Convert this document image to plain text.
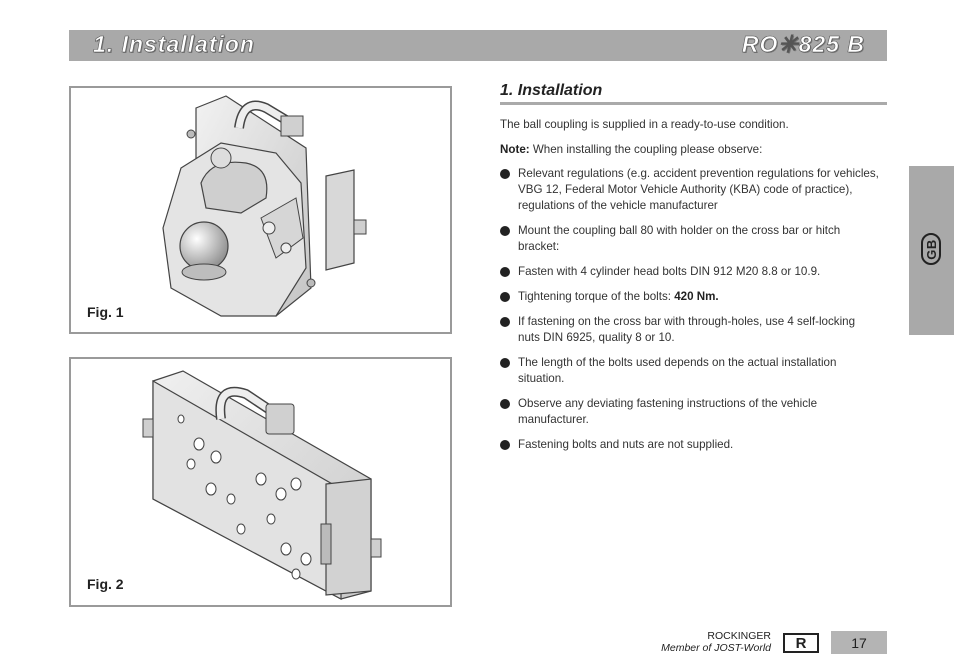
1. Installation	RO✳825 B
Fig. 1
Fig. 2
1. Installation
The ball coupling is supplied in a ready-to-use condition.
Note: When installing the coupling please observe:
Relevant regulations (e.g. accident prevention regulations for vehicles, VBG 12, Federal Motor Vehicle Authority (KBA) code of practice), regulations of the vehicle manufacturer
Mount the coupling ball 80 with holder on the cross bar or hitch bracket:
Fasten with 4 cylinder head bolts DIN 912 M20 8.8 or 10.9.
Tightening torque of the bolts: 420 Nm.
If fastening on the cross bar with through-holes, use 4 self-locking nuts DIN 6925, quality 8 or 10.
The length of the bolts used depends on the actual installation situation.
Observe any deviating fastening instructions of the vehicle manufacturer.
Fastening bolts and nuts are not supplied.
GB
ROCKINGER
Member of JOST-World	R	17
